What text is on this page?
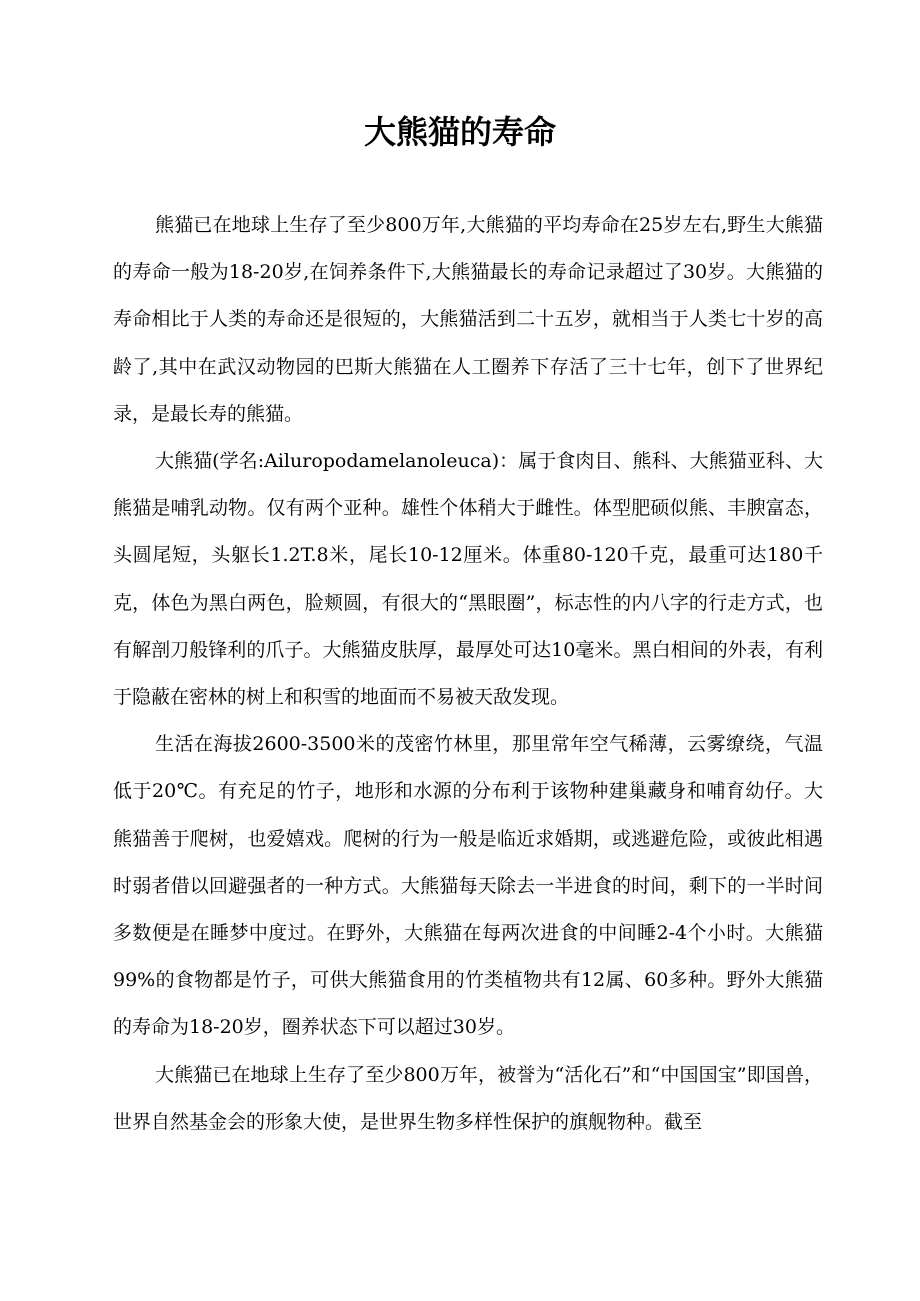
大熊猫的寿命

熊猫已在地球上生存了至少800万年,大熊猫的平均寿命在25岁左右,野生大熊猫的寿命一般为18-20岁,在饲养条件下,大熊猫最长的寿命记录超过了30岁。大熊猫的寿命相比于人类的寿命还是很短的，大熊猫活到二十五岁，就相当于人类七十岁的高龄了,其中在武汉动物园的巴斯大熊猫在人工圈养下存活了三十七年，创下了世界纪录，是最长寿的熊猫。

大熊猫(学名:Ailuropodamelanoleuca)：属于食肉目、熊科、大熊猫亚科、大熊猫是哺乳动物。仅有两个亚种。雄性个体稍大于雌性。体型肥硕似熊、丰腴富态，头圆尾短，头躯长1.2T.8米，尾长10-12厘米。体重80-120千克，最重可达180千克，体色为黑白两色，脸颊圆，有很大的“黑眼圈”，标志性的内八字的行走方式，也有解剖刀般锋利的爪子。大熊猫皮肤厚，最厚处可达10毫米。黑白相间的外表，有利于隐蔽在密林的树上和积雪的地面而不易被天敌发现。

生活在海拔2600-3500米的茂密竹林里，那里常年空气稀薄，云雾缭绕，气温低于20℃。有充足的竹子，地形和水源的分布利于该物种建巢藏身和哺育幼仔。大熊猫善于爬树，也爱嬉戏。爬树的行为一般是临近求婚期，或逃避危险，或彼此相遇时弱者借以回避强者的一种方式。大熊猫每天除去一半进食的时间，剩下的一半时间多数便是在睡梦中度过。在野外，大熊猫在每两次进食的中间睡2-4个小时。大熊猫99%的食物都是竹子，可供大熊猫食用的竹类植物共有12属、60多种。野外大熊猫的寿命为18-20岁，圈养状态下可以超过30岁。

大熊猫已在地球上生存了至少800万年，被誉为“活化石”和“中国国宝”即国兽，世界自然基金会的形象大使，是世界生物多样性保护的旗舰物种。截至
